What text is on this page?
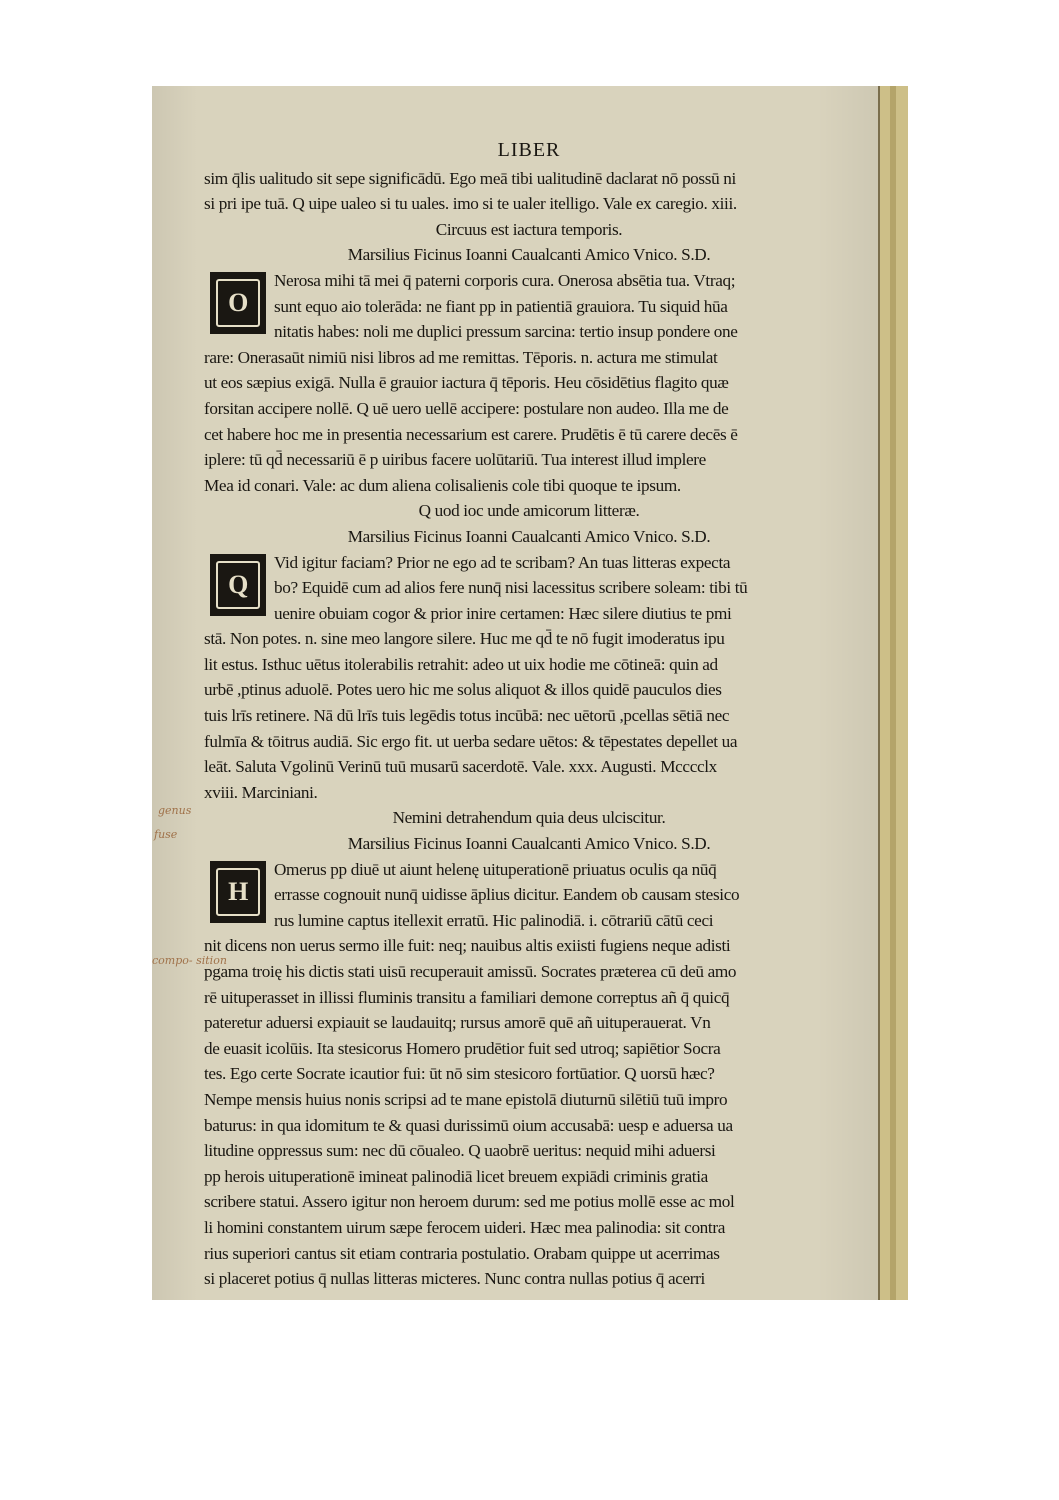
genus
fuse
compo- sition
LIBER
sim q̄lis ualitudo sit sepe significādū. Ego meā tibi ualitudinē daclarat nō possū ni
si pri ipe tuā. Q uipe ualeo si tu uales. imo si te ualer itelligo. Vale ex caregio. xiii.
Circuus est iactura temporis.
Marsilius Ficinus Ioanni Caualcanti Amico Vnico. S.D.
O
Nerosa mihi tā mei q̄ paterni corporis cura. Onerosa absētia tua. Vtraq;
sunt equo aio tolerāda: ne fiant pp in patientiā grauiora. Tu siquid hūa
nitatis habes: noli me duplici pressum sarcina: tertio insup pondere one
rare: Onerasaūt nimiū nisi libros ad me remittas. Tēporis. n. actura me stimulat
ut eos sæpius exigā. Nulla ē grauior iactura q̄ tēporis. Heu cōsidētius flagito quæ
forsitan accipere nollē. Q uē uero uellē accipere: postulare non audeo. Illa me de
cet habere hoc me in presentia necessarium est carere. Prudētis ē tū carere decēs ē
iplere: tū qd̄ necessariū ē p uiribus facere uolūtariū. Tua interest illud implere
Mea id conari. Vale: ac dum aliena colisalienis cole tibi quoque te ipsum.
Q uod ioc unde amicorum litteræ.
Marsilius Ficinus Ioanni Caualcanti Amico Vnico. S.D.
Q
Vid igitur faciam? Prior ne ego ad te scribam? An tuas litteras expecta
bo? Equidē cum ad alios fere nunq̄ nisi lacessitus scribere soleam: tibi tū
uenire obuiam cogor & prior inire certamen: Hæc silere diutius te pmi
stā. Non potes. n. sine meo langore silere. Huc me qd̄ te nō fugit imoderatus ipu
lit estus. Isthuc uētus itolerabilis retrahit: adeo ut uix hodie me cōtineā: quin ad
urbē ,ptinus aduolē. Potes uero hic me solus aliquot & illos quidē pauculos dies
tuis lrīs retinere. Nā dū lrīs tuis legēdis totus incūbā: nec uētorū ,pcellas sētiā nec
fulmīa & tōitrus audiā. Sic ergo fit. ut uerba sedare uētos: & tēpestates depellet ua
leāt. Saluta Vgolinū Verinū tuū musarū sacerdotē. Vale. xxx. Augusti. Mcccclx
xviii. Marciniani.
Nemini detrahendum quia deus ulciscitur.
Marsilius Ficinus Ioanni Caualcanti Amico Vnico. S.D.
H
Omerus pp diuē ut aiunt helenę uituperationē priuatus oculis qa nūq̄
errasse cognouit nunq̄ uidisse āplius dicitur. Eandem ob causam stesico
rus lumine captus itellexit erratū. Hic palinodiā. i. cōtrariū cātū ceci
nit dicens non uerus sermo ille fuit: neq; nauibus altis exiisti fugiens neque adisti
pgama troię his dictis stati uisū recuperauit amissū. Socrates præterea cū deū amo
rē uituperasset in illissi fluminis transitu a familiari demone correptus añ q̄ quicq̄
pateretur aduersi expiauit se laudauitq; rursus amorē quē añ uituperauerat. Vn
de euasit icolūis. Ita stesicorus Homero prudētior fuit sed utroq; sapiētior Socra
tes. Ego certe Socrate icautior fui: ūt nō sim stesicoro fortūatior. Q uorsū hæc?
Nempe mensis huius nonis scripsi ad te mane epistolā diuturnū silētiū tuū impro
baturus: in qua idomitum te & quasi durissimū oium accusabā: uesp e aduersa ua
litudine oppressus sum: nec dū cōualeo. Q uaobrē ueritus: nequid mihi aduersi
pp herois uituperationē imineat palinodiā licet breuem expiādi criminis gratia
scribere statui. Assero igitur non heroem durum: sed me potius mollē esse ac mol
li homini constantem uirum sæpe ferocem uideri. Hæc mea palinodia: sit contra
rius superiori cantus sit etiam contraria postulatio. Orabam quippe ut acerrimas
si placeret potius q̄ nullas litteras micteres. Nunc contra nullas potius q̄ acerri
